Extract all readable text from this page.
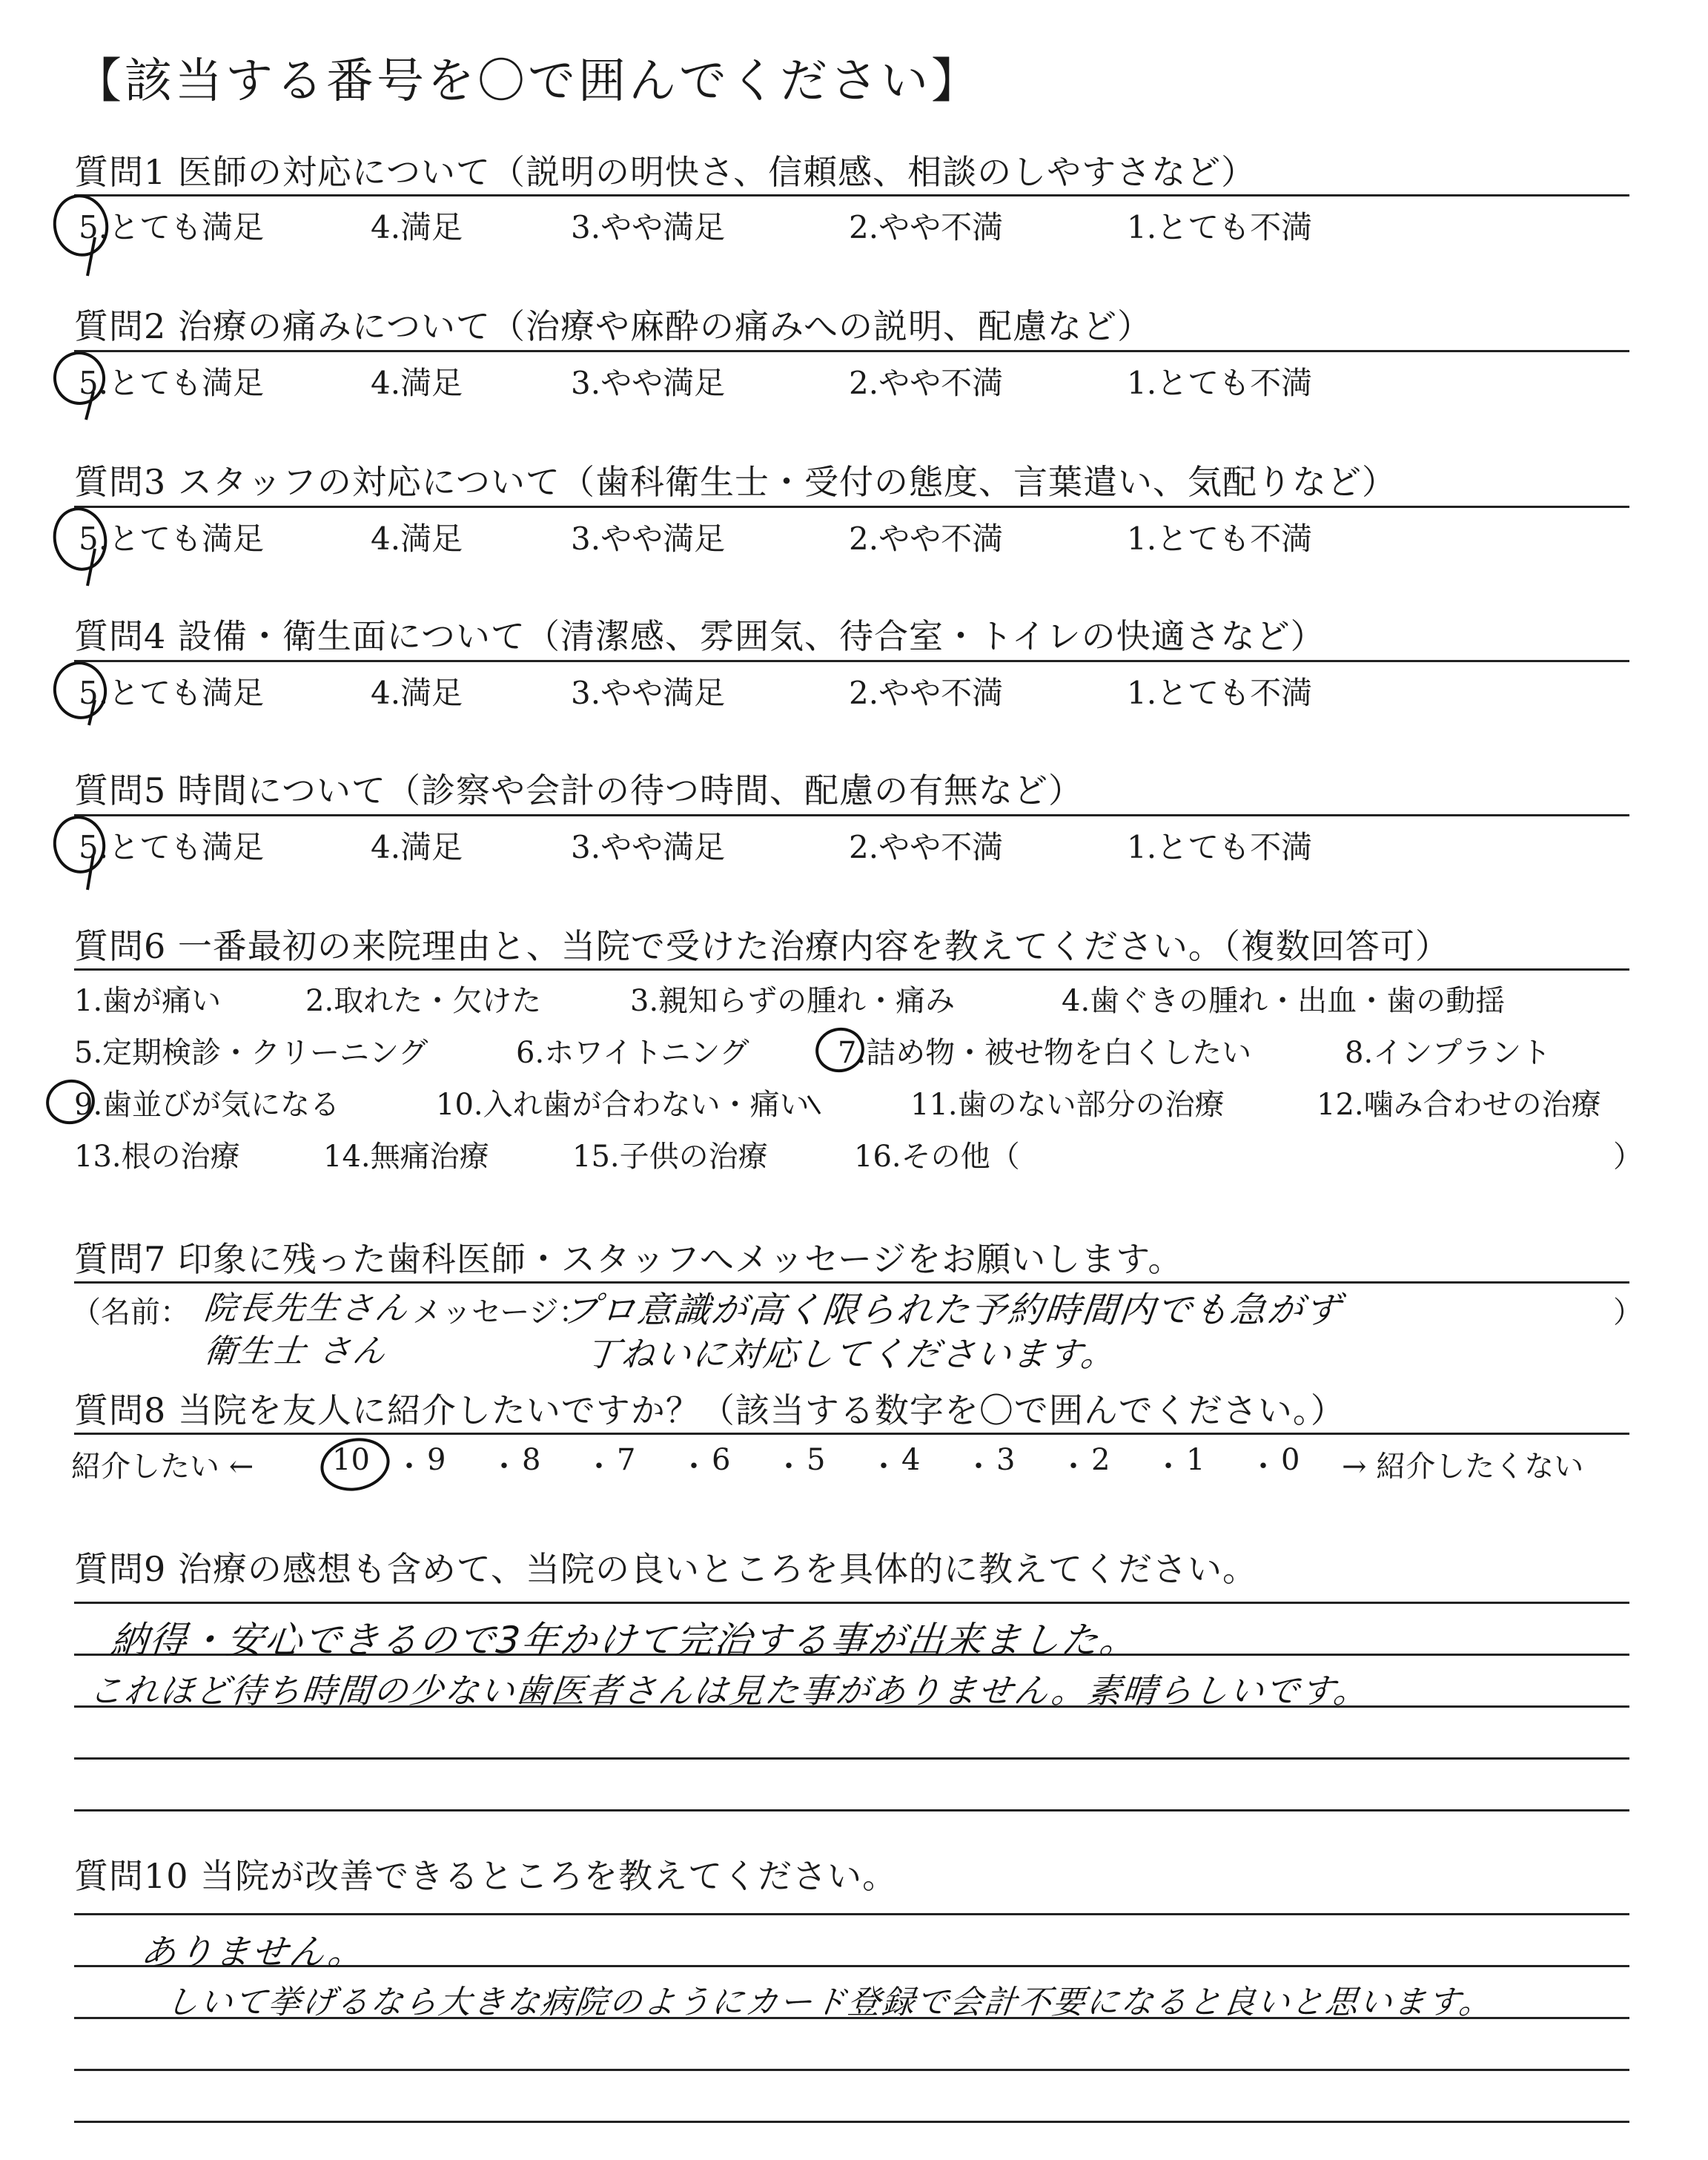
【該当する番号を〇で囲んでください】
質問1 医師の対応について（説明の明快さ、信頼感、相談のしやすさなど）
5.とても満足	4.満足	3.やや満足	2.やや不満	1.とても不満
質問2 治療の痛みについて（治療や麻酔の痛みへの説明、配慮など）
5.とても満足	4.満足	3.やや満足	2.やや不満	1.とても不満
質問3 スタッフの対応について（歯科衛生士・受付の態度、言葉遣い、気配りなど）
5.とても満足	4.満足	3.やや満足	2.やや不満	1.とても不満
質問4 設備・衛生面について（清潔感、雰囲気、待合室・トイレの快適さなど）
5.とても満足	4.満足	3.やや満足	2.やや不満	1.とても不満
質問5 時間について（診察や会計の待つ時間、配慮の有無など）
5.とても満足	4.満足	3.やや満足	2.やや不満	1.とても不満
質問6 一番最初の来院理由と、当院で受けた治療内容を教えてください。（複数回答可）
1.歯が痛い	2.取れた・欠けた	3.親知らずの腫れ・痛み	4.歯ぐきの腫れ・出血・歯の動揺
5.定期検診・クリーニング	6.ホワイトニング	7.詰め物・被せ物を白くしたい	8.インプラント
9.歯並びが気になる	10.入れ歯が合わない・痛い	11.歯のない部分の治療	12.噛み合わせの治療
13.根の治療	14.無痛治療	15.子供の治療	16.その他（	）
質問7 印象に残った歯科医師・スタッフへメッセージをお願いします。
（名前： 院長先生さん
衛生士 さん
メッセージ：
プロ意識が高く限られた予約時間内でも急がず
丁ねいに対応してくださいます。
）
質問8 当院を友人に紹介したいですか？（該当する数字を〇で囲んでください。）
紹介したい ←	10 ・ 9 ・ 8 ・ 7 ・ 6 ・ 5 ・ 4 ・ 3 ・ 2 ・ 1 ・ 0 → 紹介したくない
質問9 治療の感想も含めて、当院の良いところを具体的に教えてください。
納得・安心できるので3年かけて完治する事が出来ました。
これほど待ち時間の少ない歯医者さんは見た事がありません。素晴らしいです。
質問10 当院が改善できるところを教えてください。
ありません。
しいて挙げるなら大きな病院のようにカード登録で会計不要になると良いと思います。
